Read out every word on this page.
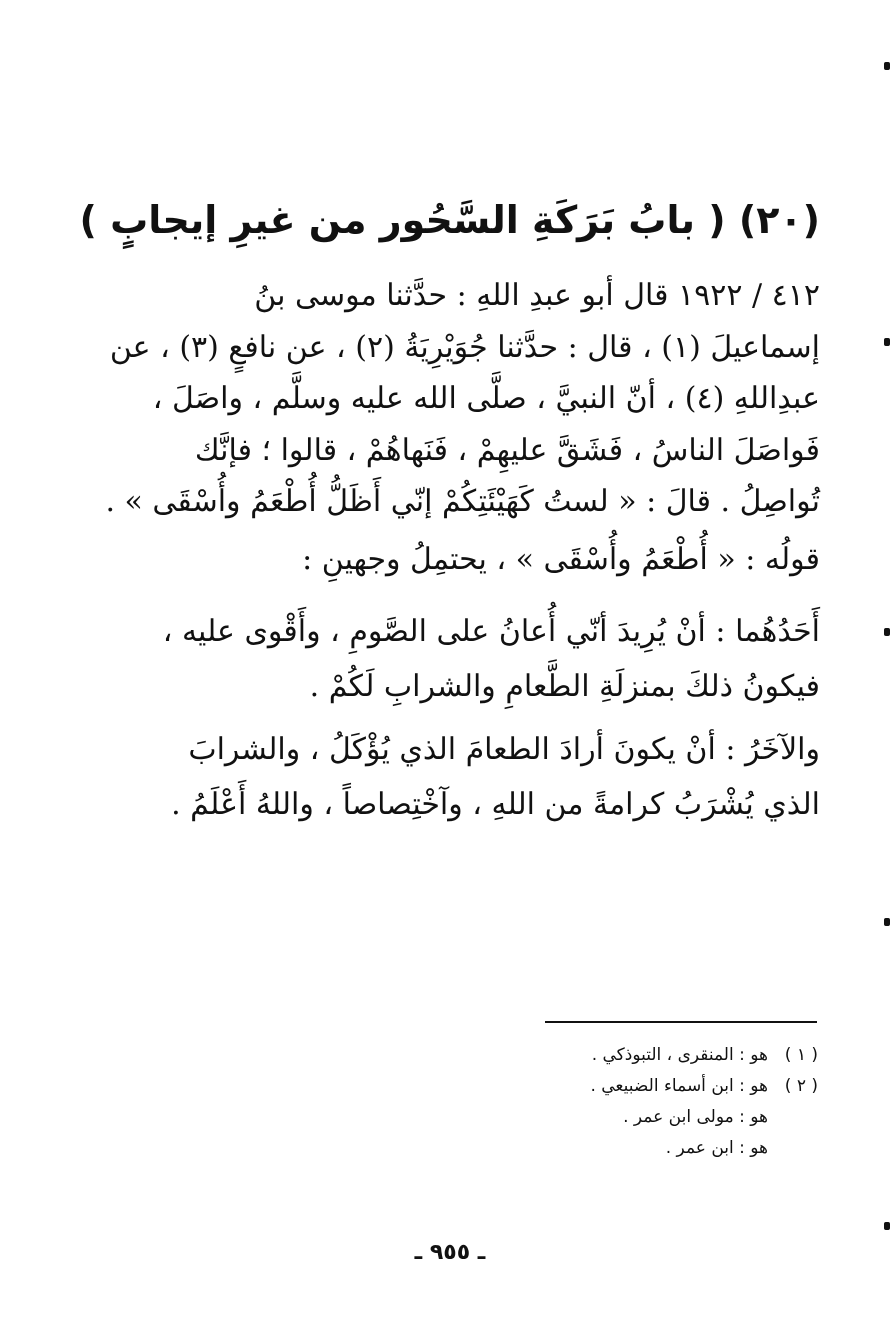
(٢٠) ( بابُ بَرَكَةِ السَّحُور من غيرِ إيجابٍ )
٤١٢ / ١٩٢٢ قال أبو عبدِ اللهِ : حدَّثنا موسى بنُ
إسماعيلَ (١) ، قال : حدَّثنا جُوَيْرِيَةُ (٢) ، عن نافعٍ (٣) ، عن
عبدِاللهِ (٤) ، أنّ النبيَّ ، صلَّى الله عليه وسلَّم ، واصَلَ ،
فَواصَلَ الناسُ ، فَشَقَّ عليهِمْ ، فَنَهاهُمْ ، قالوا ؛ فإنَّك
تُواصِلُ . قالَ : « لستُ كَهَيْئَتِكُمْ إنّي أَظَلُّ أُطْعَمُ وأُسْقَى » .
قولُه : « أُطْعَمُ وأُسْقَى » ، يحتمِلُ وجهينِ :
أَحَدُهُما : أنْ يُرِيدَ أنّي أُعانُ على الصَّومِ ، وأَقْوى عليه ،
فيكونُ ذلكَ بمنزلَةِ الطَّعامِ والشرابِ لَكُمْ .
والآخَرُ : أنْ يكونَ أرادَ الطعامَ الذي يُؤْكَلُ ، والشرابَ
الذي يُشْرَبُ كرامةً من اللهِ ، وآخْتِصاصاً ، واللهُ أَعْلَمُ .
( ١ )
هو : المنقرى ، التبوذكي .
( ٢ )
هو : ابن أسماء الضبيعي .
هو : مولى ابن عمر .
هو : ابن عمر .
ـ ٩٥٥ ـ
